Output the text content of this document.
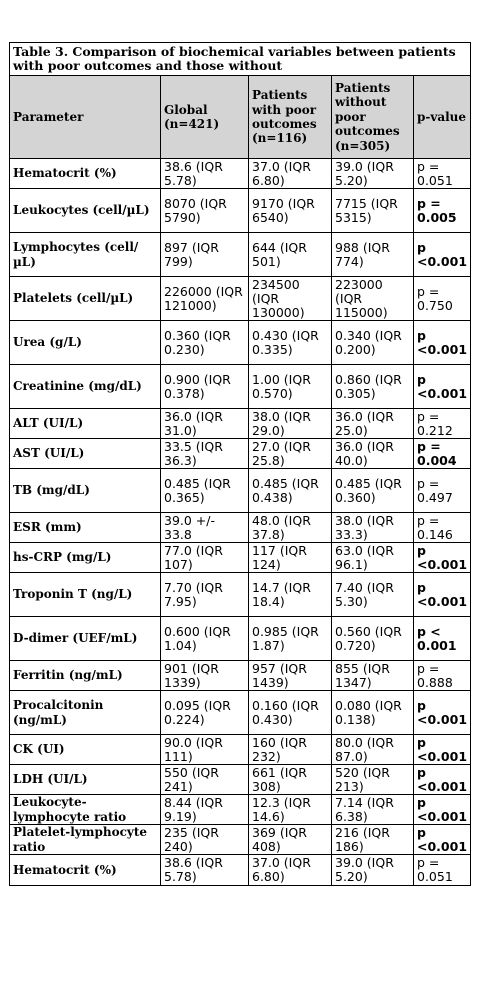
Table 3. Comparison of biochemical variables between patients with poor outcomes and those without				
Parameter	Global (n=421)	Patients with poor outcomes (n=116)	Patients without poor outcomes (n=305)	p-value
Hematocrit (%)	38.6 (IQR 5.78)	37.0 (IQR 6.80)	39.0 (IQR 5.20)	p = 0.051
Leukocytes (cell/µL)	8070 (IQR 5790)	9170 (IQR 6540)	7715 (IQR 5315)	p = 0.005
Lymphocytes (cell/µL)	897 (IQR 799)	644 (IQR 501)	988 (IQR 774)	p <0.001
Platelets (cell/µL)	226000 (IQR 121000)	234500 (IQR 130000)	223000 (IQR 115000)	p = 0.750
Urea (g/L)	0.360 (IQR 0.230)	0.430 (IQR 0.335)	0.340 (IQR 0.200)	p <0.001
Creatinine (mg/dL)	0.900 (IQR 0.378)	1.00 (IQR 0.570)	0.860 (IQR 0.305)	p <0.001
ALT (UI/L)	36.0 (IQR 31.0)	38.0 (IQR 29.0)	36.0 (IQR 25.0)	p = 0.212
AST (UI/L)	33.5 (IQR 36.3)	27.0 (IQR 25.8)	36.0 (IQR 40.0)	p = 0.004
TB (mg/dL)	0.485 (IQR 0.365)	0.485 (IQR 0.438)	0.485 (IQR 0.360)	p = 0.497
ESR (mm)	39.0 +/- 33.8	48.0 (IQR 37.8)	38.0 (IQR 33.3)	p = 0.146
hs-CRP (mg/L)	77.0 (IQR 107)	117 (IQR 124)	63.0 (IQR 96.1)	p <0.001
Troponin T (ng/L)	7.70 (IQR 7.95)	14.7 (IQR 18.4)	7.40 (IQR 5.30)	p <0.001
D-dimer (UEF/mL)	0.600 (IQR 1.04)	0.985 (IQR 1.87)	0.560 (IQR 0.720)	p < 0.001
Ferritin (ng/mL)	901 (IQR 1339)	957 (IQR 1439)	855 (IQR 1347)	p = 0.888
Procalcitonin (ng/mL)	0.095 (IQR 0.224)	0.160 (IQR 0.430)	0.080 (IQR 0.138)	p <0.001
CK (UI)	90.0 (IQR 111)	160 (IQR 232)	80.0 (IQR 87.0)	p <0.001
LDH (UI/L)	550 (IQR 241)	661 (IQR 308)	520 (IQR 213)	p <0.001
Leukocyte-lymphocyte ratio	8.44 (IQR 9.19)	12.3 (IQR 14.6)	7.14 (IQR 6.38)	p <0.001
Platelet-lymphocyte ratio	235 (IQR 240)	369 (IQR 408)	216 (IQR 186)	p <0.001
Hematocrit (%)	38.6 (IQR 5.78)	37.0 (IQR 6.80)	39.0 (IQR 5.20)	p = 0.051
